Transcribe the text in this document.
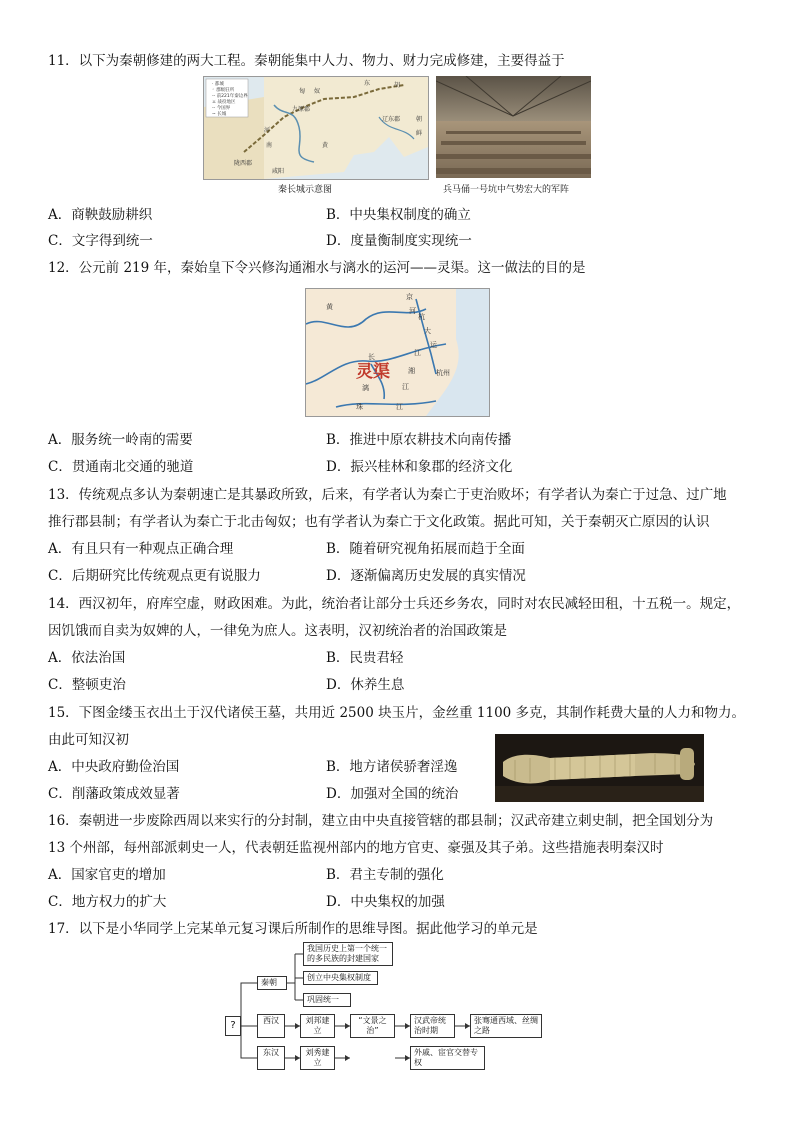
11．以下为秦朝修建的两大工程。秦朝能集中人力、物力、财力完成修建，主要得益于
· 都城
◦ 郡级驻所
-- 前221年秦边界
⚔ 战役地区
-- 今国界
~ 长城
匈 奴
东	胡
九原郡
陇西郡
咸阳
辽东郡	朝
鲜
河
南	黄
秦长城示意图	兵马俑一号坑中气势宏大的军阵
A．商鞅鼓励耕织	B．中央集权制度的确立
C．文字得到统一	D．度量衡制度实现统一
12．公元前 219 年，秦始皇下令兴修沟通湘水与漓水的运河——灵渠。这一做法的目的是
黄
京
杭
大
运
河
长	江
湘
漓	江
珠	江
杭州
灵渠
A．服务统一岭南的需要	B．推进中原农耕技术向南传播
C．贯通南北交通的驰道	D．振兴桂林和象郡的经济文化
13．传统观点多认为秦朝速亡是其暴政所致，后来，有学者认为秦亡于吏治败坏；有学者认为秦亡于过急、过广地
推行郡县制；有学者认为秦亡于北击匈奴；也有学者认为秦亡于文化政策。据此可知，关于秦朝灭亡原因的认识
A．有且只有一种观点正确合理	B．随着研究视角拓展而趋于全面
C．后期研究比传统观点更有说服力	D．逐渐偏离历史发展的真实情况
14．西汉初年，府库空虚，财政困难。为此，统治者让部分士兵还乡务农，同时对农民减轻田租，十五税一。规定，
因饥饿而自卖为奴婢的人，一律免为庶人。这表明，汉初统治者的治国政策是
A．依法治国	B．民贵君轻
C．整顿吏治	D．休养生息
15．下图金缕玉衣出土于汉代诸侯王墓，共用近 2500 块玉片，金丝重 1100 多克，其制作耗费大量的人力和物力。
由此可知汉初
A．中央政府勤俭治国	B．地方诸侯骄奢淫逸
C．削藩政策成效显著	D．加强对全国的统治
16．秦朝进一步废除西周以来实行的分封制，建立由中央直接管辖的郡县制；汉武帝建立刺史制，把全国划分为
13 个州部，每州部派刺史一人，代表朝廷监视州部内的地方官吏、豪强及其子弟。这些措施表明秦汉时
A．国家官吏的增加	B．君主专制的强化
C．地方权力的扩大	D．中央集权的加强
17．以下是小华同学上完某单元复习课后所制作的思维导图。据此他学习的单元是
?
秦朝
我国历史上第一个统一的多民族的封建国家
创立中央集权制度
巩固统一
西汉	刘邦建立
“文景之治”
汉武帝统治时期
张骞通西域、丝绸之路
东汉	刘秀建立
外戚、宦官交替专权
